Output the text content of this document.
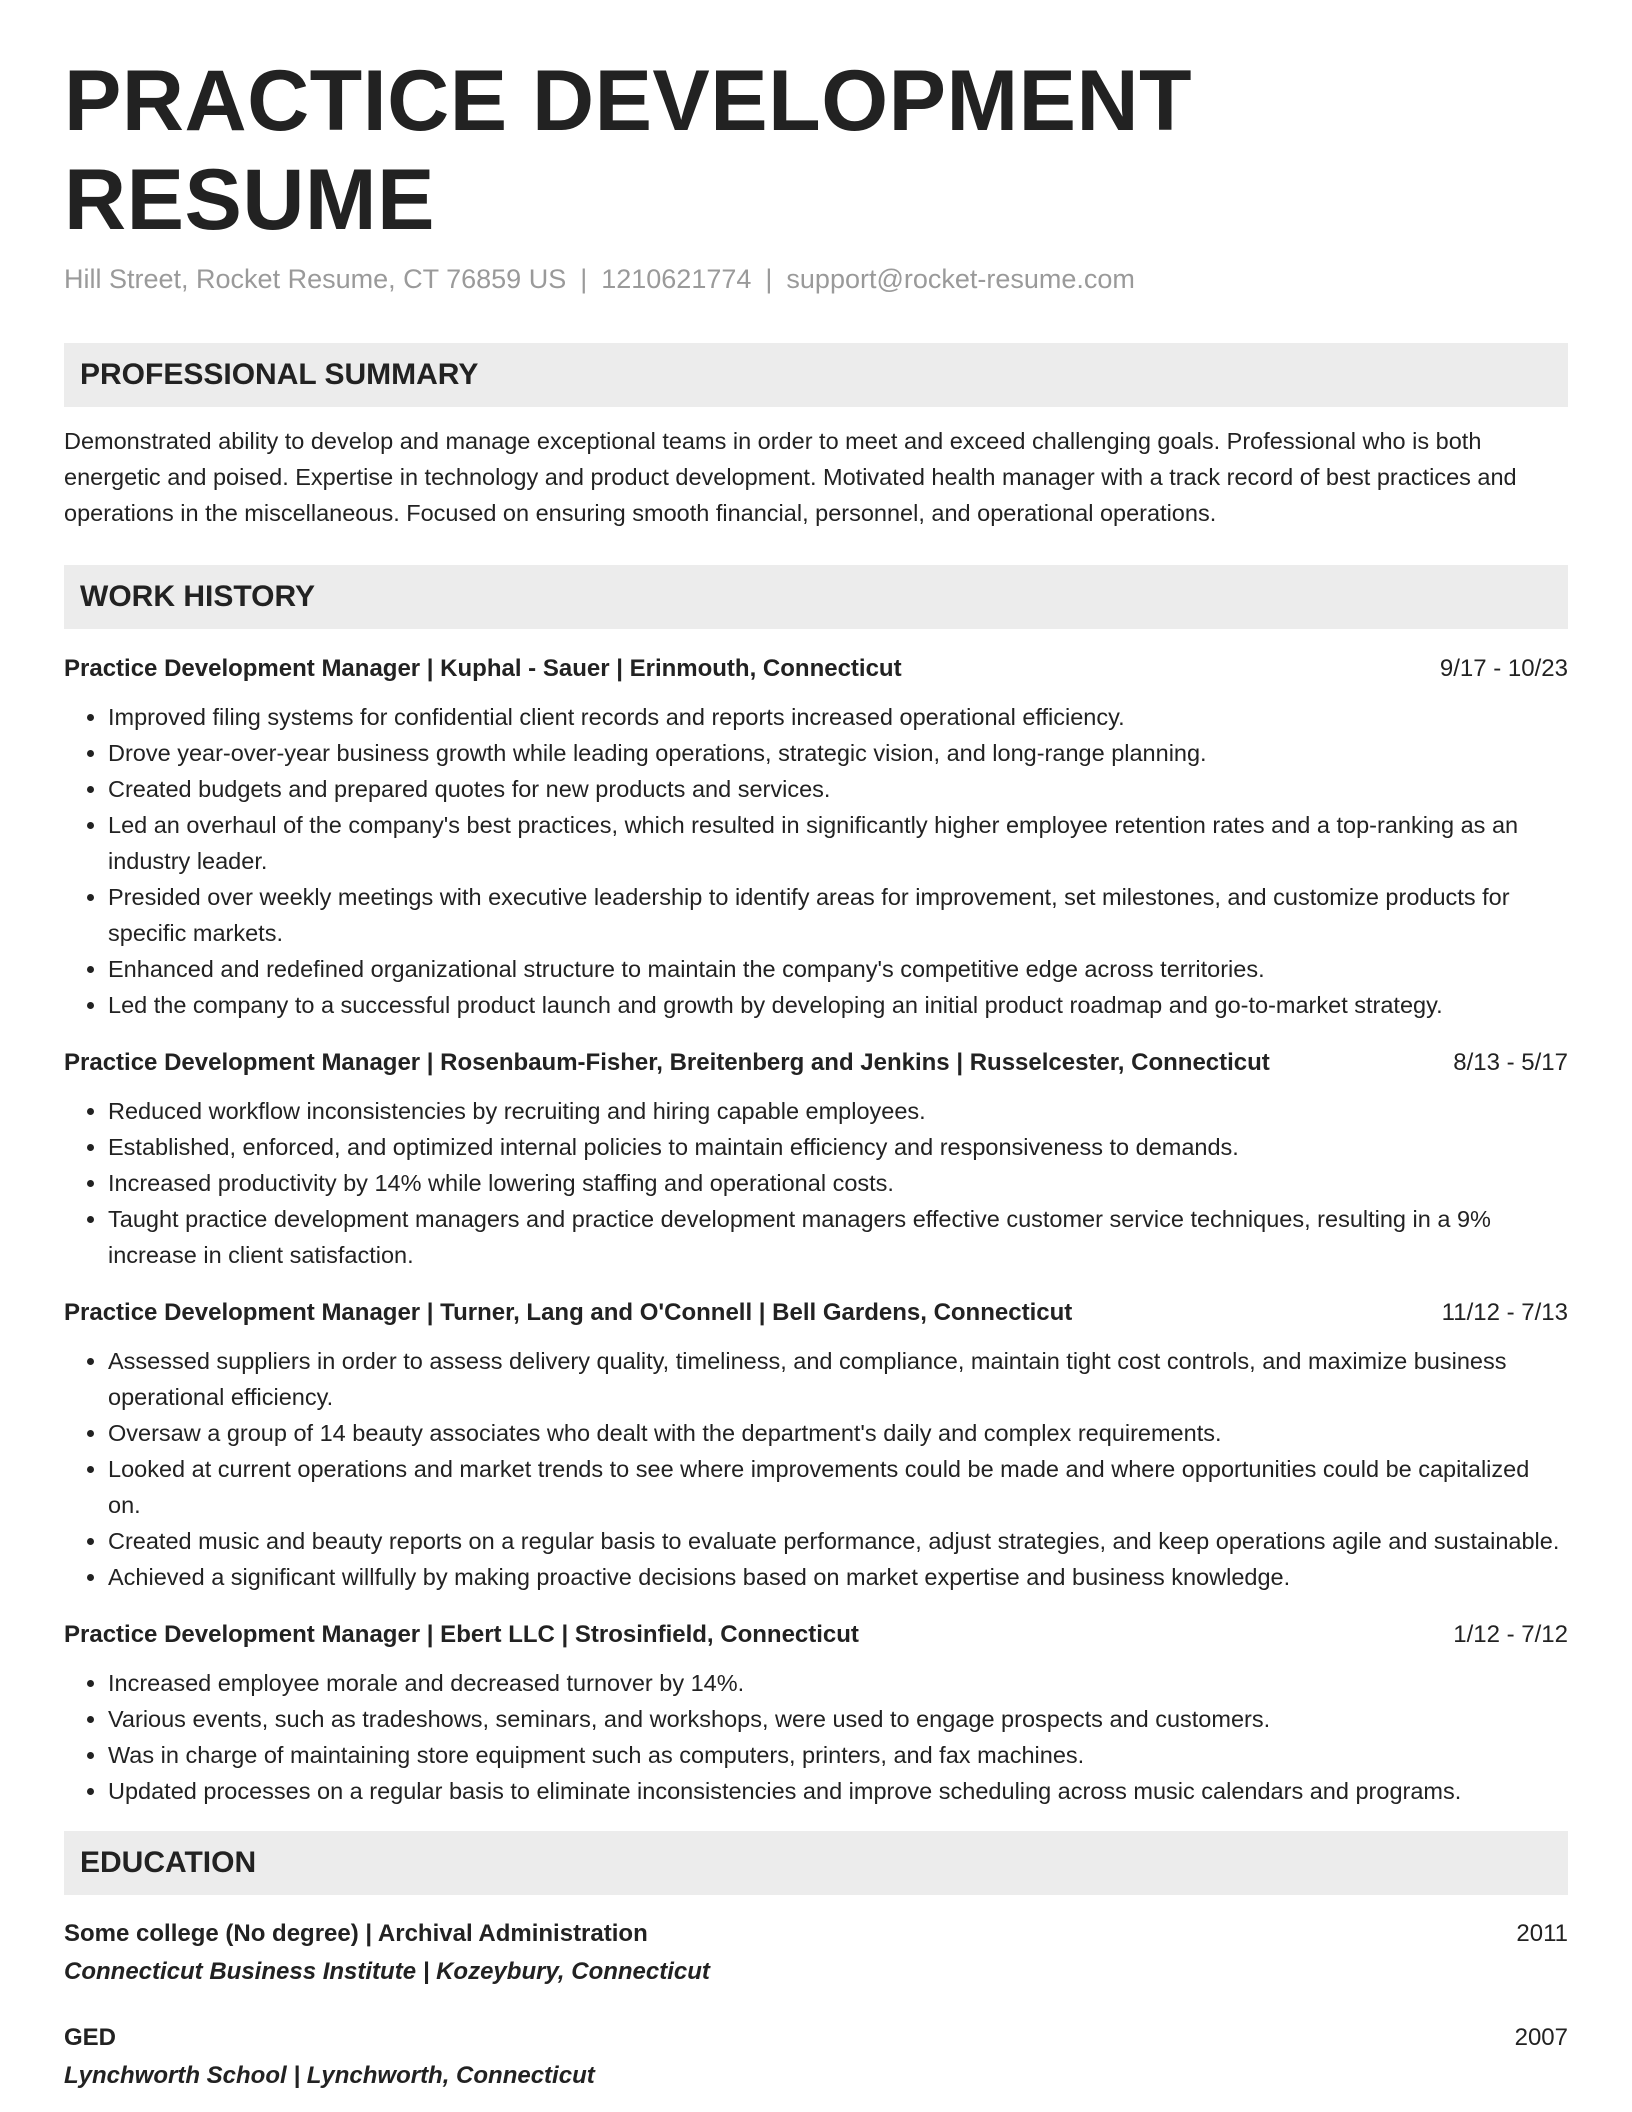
PRACTICE DEVELOPMENT RESUME
Hill Street, Rocket Resume, CT 76859 US | 1210621774 | support@rocket-resume.com
PROFESSIONAL SUMMARY
Demonstrated ability to develop and manage exceptional teams in order to meet and exceed challenging goals. Professional who is both energetic and poised. Expertise in technology and product development. Motivated health manager with a track record of best practices and operations in the miscellaneous. Focused on ensuring smooth financial, personnel, and operational operations.
WORK HISTORY
Practice Development Manager | Kuphal - Sauer | Erinmouth, Connecticut	9/17 - 10/23
• Improved filing systems for confidential client records and reports increased operational efficiency.
• Drove year-over-year business growth while leading operations, strategic vision, and long-range planning.
• Created budgets and prepared quotes for new products and services.
• Led an overhaul of the company's best practices, which resulted in significantly higher employee retention rates and a top-ranking as an industry leader.
• Presided over weekly meetings with executive leadership to identify areas for improvement, set milestones, and customize products for specific markets.
• Enhanced and redefined organizational structure to maintain the company's competitive edge across territories.
• Led the company to a successful product launch and growth by developing an initial product roadmap and go-to-market strategy.
Practice Development Manager | Rosenbaum-Fisher, Breitenberg and Jenkins | Russelcester, Connecticut	8/13 - 5/17
• Reduced workflow inconsistencies by recruiting and hiring capable employees.
• Established, enforced, and optimized internal policies to maintain efficiency and responsiveness to demands.
• Increased productivity by 14% while lowering staffing and operational costs.
• Taught practice development managers and practice development managers effective customer service techniques, resulting in a 9% increase in client satisfaction.
Practice Development Manager | Turner, Lang and O'Connell | Bell Gardens, Connecticut	11/12 - 7/13
• Assessed suppliers in order to assess delivery quality, timeliness, and compliance, maintain tight cost controls, and maximize business operational efficiency.
• Oversaw a group of 14 beauty associates who dealt with the department's daily and complex requirements.
• Looked at current operations and market trends to see where improvements could be made and where opportunities could be capitalized on.
• Created music and beauty reports on a regular basis to evaluate performance, adjust strategies, and keep operations agile and sustainable.
• Achieved a significant willfully by making proactive decisions based on market expertise and business knowledge.
Practice Development Manager | Ebert LLC | Strosinfield, Connecticut	1/12 - 7/12
• Increased employee morale and decreased turnover by 14%.
• Various events, such as tradeshows, seminars, and workshops, were used to engage prospects and customers.
• Was in charge of maintaining store equipment such as computers, printers, and fax machines.
• Updated processes on a regular basis to eliminate inconsistencies and improve scheduling across music calendars and programs.
EDUCATION
Some college (No degree) | Archival Administration	2011
Connecticut Business Institute | Kozeybury, Connecticut
GED	2007
Lynchworth School | Lynchworth, Connecticut
